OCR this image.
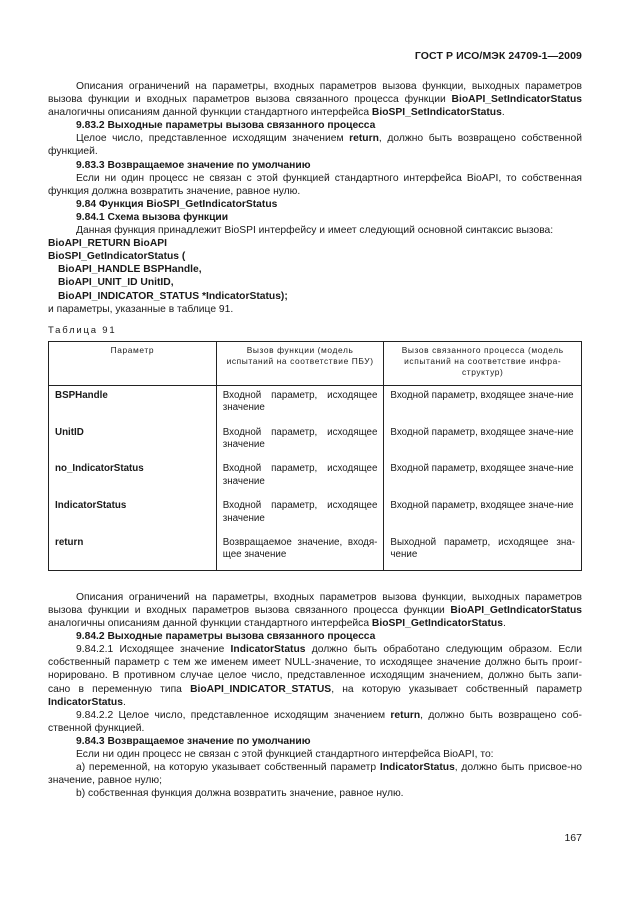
ГОСТ Р ИСО/МЭК 24709-1—2009

Описания ограничений на параметры, входных параметров вызова функции, выходных параметров вызова функции и входных параметров вызова связанного процесса функции BioAPI_SetIndicatorStatus аналогичны описаниям данной функции стандартного интерфейса BioSPI_SetIndicatorStatus.

9.83.2 Выходные параметры вызова связанного процесса

Целое число, представленное исходящим значением return, должно быть возвращено собственной функцией.

9.83.3 Возвращаемое значение по умолчанию

Если ни один процесс не связан с этой функцией стандартного интерфейса BioAPI, то собственная функция должна возвратить значение, равное нулю.

9.84 Функция BioSPI_GetIndicatorStatus

9.84.1 Схема вызова функции

Данная функция принадлежит BioSPI интерфейсу и имеет следующий основной синтаксис вызова:

BioAPI_RETURN BioAPI

BioSPI_GetIndicatorStatus (

BioAPI_HANDLE BSPHandle,

BioAPI_UNIT_ID UnitID,

BioAPI_INDICATOR_STATUS *IndicatorStatus);

и параметры, указанные в таблице 91.

Таблица 91

Параметр	Вызов функции (модель испытаний на соответствие ПБУ)	Вызов связанного процесса (модель испытаний на соответствие инфра-структур)
BSPHandle	Входной параметр, исходящее значение	Входной параметр, входящее значе-ние
UnitID	Входной параметр, исходящее значение	Входной параметр, входящее значе-ние
no_IndicatorStatus	Входной параметр, исходящее значение	Входной параметр, входящее значе-ние
IndicatorStatus	Входной параметр, исходящее значение	Входной параметр, входящее значе-ние
return	Возвращаемое значение, входя-щее значение	Выходной параметр, исходящее зна-чение

Описания ограничений на параметры, входных параметров вызова функции, выходных параметров вызова функции и входных параметров вызова связанного процесса функции BioAPI_GetIndicatorStatus аналогичны описаниям данной функции стандартного интерфейса BioSPI_GetIndicatorStatus.

9.84.2 Выходные параметры вызова связанного процесса

9.84.2.1 Исходящее значение IndicatorStatus должно быть обработано следующим образом. Если собственный параметр с тем же именем имеет NULL-значение, то исходящее значение должно быть проиг-норировано. В противном случае целое число, представленное исходящим значением, должно быть запи-сано в переменную типа BioAPI_INDICATOR_STATUS, на которую указывает собственный параметр IndicatorStatus.

9.84.2.2 Целое число, представленное исходящим значением return, должно быть возвращено соб-ственной функцией.

9.84.3 Возвращаемое значение по умолчанию

Если ни один процесс не связан с этой функцией стандартного интерфейса BioAPI, то:

а) переменной, на которую указывает собственный параметр IndicatorStatus, должно быть присвое-но значение, равное нулю;

b) собственная функция должна возвратить значение, равное нулю.

167
